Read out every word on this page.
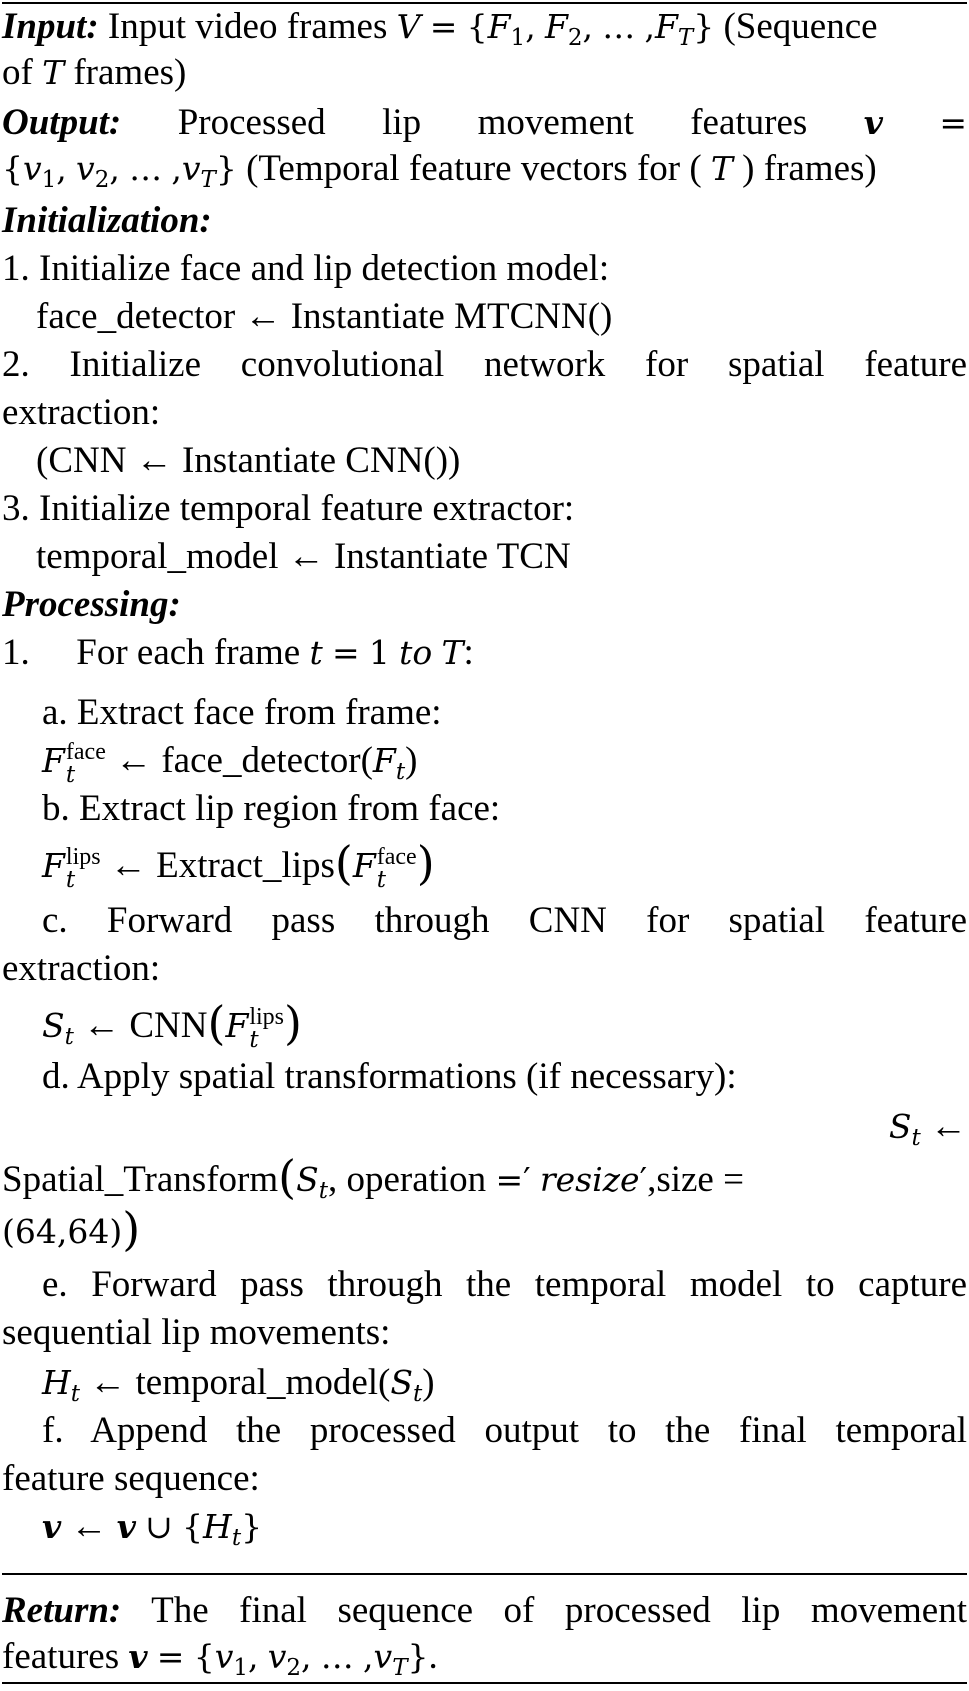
Input: Input video frames $V = \{F_1$, $F_2$, … $,F_T$} (Sequence
of T frames)
Output: Processed lip movement features v =
{$v_1$, $v_2$, … $,v_T$} (Temporal feature vectors for ( T ) frames)
Initialization:
1. Initialize face and lip detection model:
face_detector ← Instantiate MTCNN()
2. Initialize convolutional network for spatial feature
extraction:
(CNN ← Instantiate CNN())
3. Initialize temporal feature extractor:
temporal_model ← Instantiate TCN
Processing:
1. For each frame t = 1 to T:
a. Extract face from frame:
F face
t	← $face\_detector(F_t)$
b. Extract lip region from face:
F lips
t ← Extract_lips(F face
t )
c. Forward pass through CNN for spatial feature
extraction:
$S_t$ ← CNN(F lips
t )
d. Apply spatial transformations (if necessary):
$S_t$ ←
$Spatial\_Transform(S_t$, operation =′ resize′,size =
(64,64))
e. Forward pass through the temporal model to capture
sequential lip movements:
$H_t$ ← $temporal\_model(S_t)$
f. Append the processed output to the final temporal
feature sequence:
v ← v ∪ $\{H_t\}$
Return: The final sequence of processed lip movement
features $v = \{v_1$, $v_2$, … $,v_T$}.
